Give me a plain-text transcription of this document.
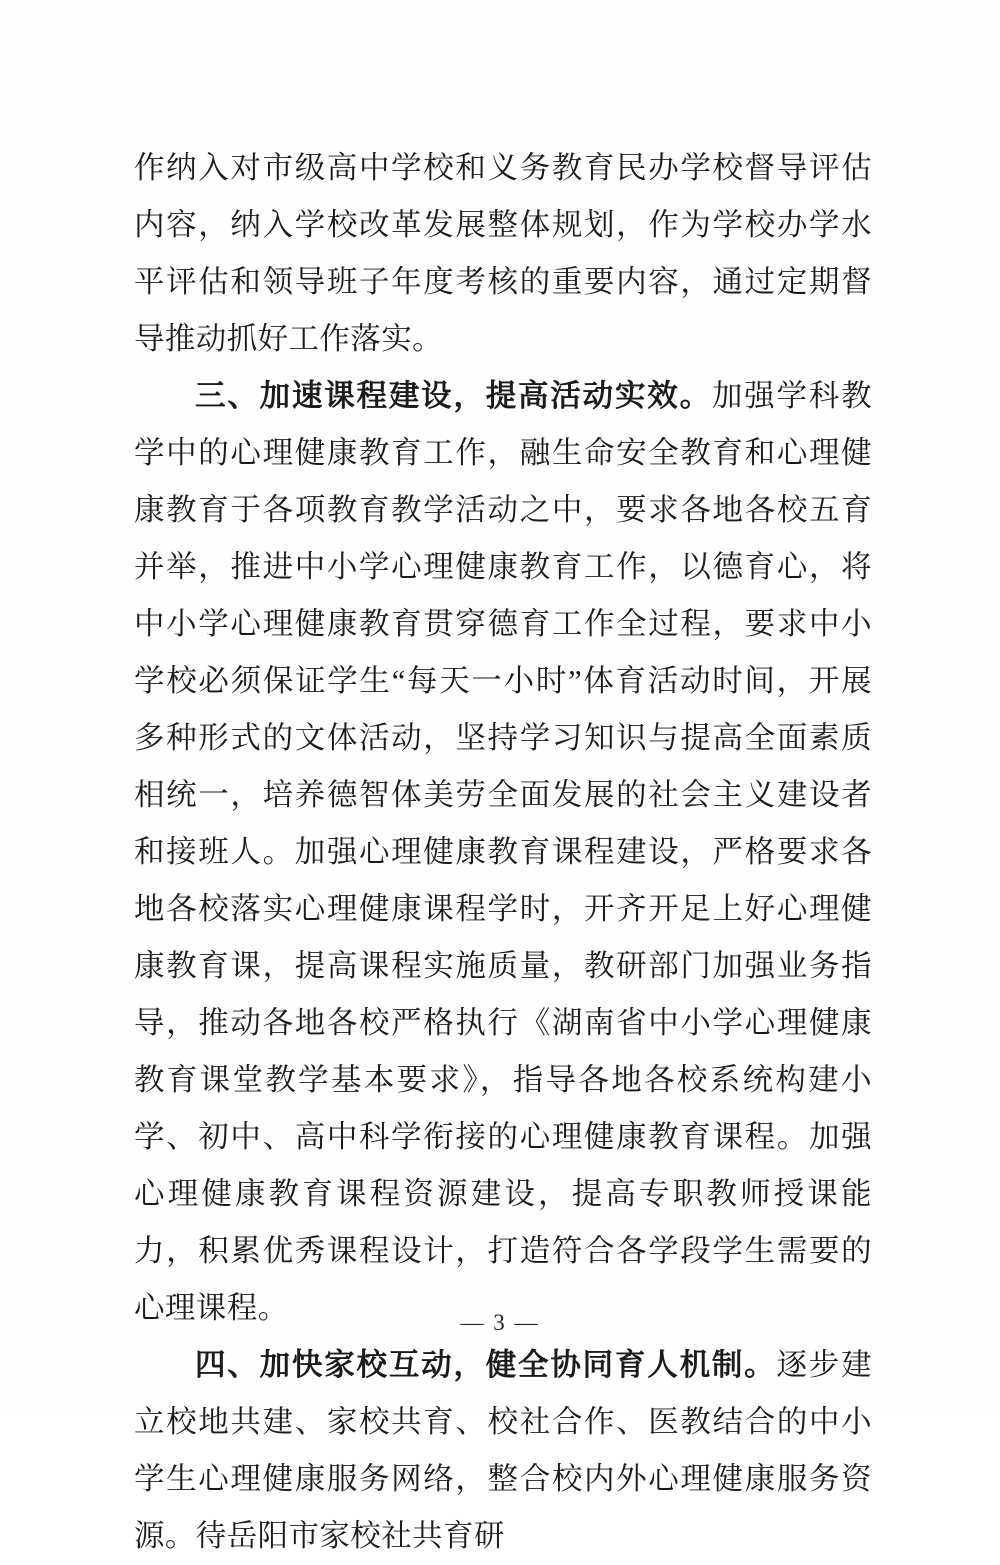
作纳入对市级高中学校和义务教育民办学校督导评估内容，纳入学校改革发展整体规划，作为学校办学水平评估和领导班子年度考核的重要内容，通过定期督导推动抓好工作落实。

三、加速课程建设，提高活动实效。加强学科教学中的心理健康教育工作，融生命安全教育和心理健康教育于各项教育教学活动之中，要求各地各校五育并举，推进中小学心理健康教育工作，以德育心，将中小学心理健康教育贯穿德育工作全过程，要求中小学校必须保证学生“每天一小时”体育活动时间，开展多种形式的文体活动，坚持学习知识与提高全面素质相统一，培养德智体美劳全面发展的社会主义建设者和接班人。加强心理健康教育课程建设，严格要求各地各校落实心理健康课程学时，开齐开足上好心理健康教育课，提高课程实施质量，教研部门加强业务指导，推动各地各校严格执行《湖南省中小学心理健康教育课堂教学基本要求》，指导各地各校系统构建小学、初中、高中科学衔接的心理健康教育课程。加强心理健康教育课程资源建设，提高专职教师授课能力，积累优秀课程设计，打造符合各学段学生需要的心理课程。

四、加快家校互动，健全协同育人机制。逐步建立校地共建、家校共育、校社合作、医教结合的中小学生心理健康服务网络，整合校内外心理健康服务资源。待岳阳市家校社共育研

— 3 —
